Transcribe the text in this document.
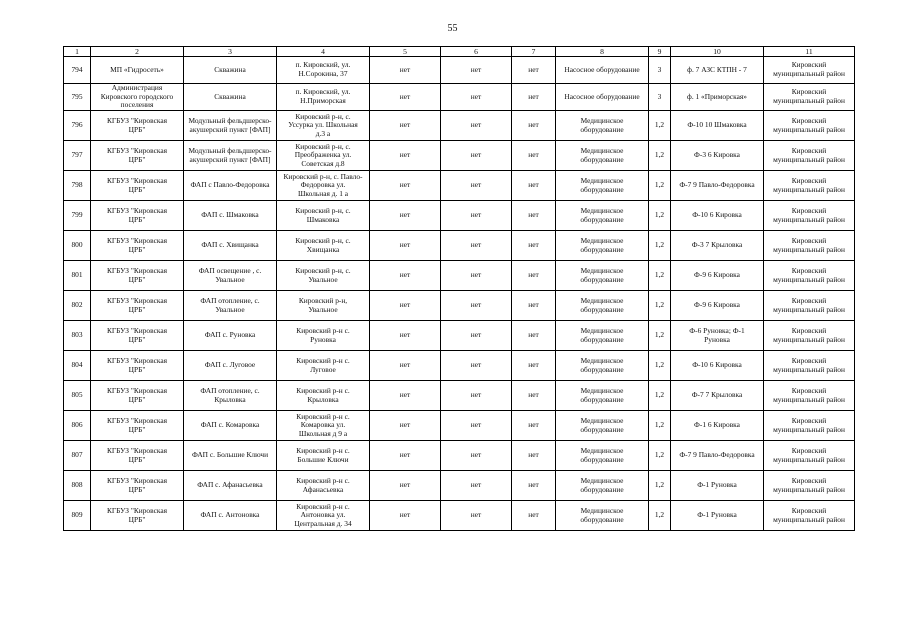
55
1	2	3	4	5	6	7	8	9	10	11
794	МП «Гидросеть»	Скважина	п. Кировский, ул.
Н.Сорокина, 37	нет	нет	нет	Насосное оборудование	3	ф. 7 АЗС КТПН - 7	Кировский
муниципальный район
795	Администрация
Кировского городского
поселения	Скважина	п. Кировский, ул.
Н.Приморская	нет	нет	нет	Насосное оборудование	3	ф. 1 «Приморская»	Кировский
муниципальный район
796	КГБУЗ "Кировская
ЦРБ"	Модульный фельдшерско-
акушерский пункт [ФАП]	Кировский р-н, с.
Уссурка ул. Школьная
д.3 а	нет	нет	нет	Медицинское
оборудование	1,2	Ф-10 10 Шмаковка	Кировский
муниципальный район
797	КГБУЗ "Кировская
ЦРБ"	Модульный фельдшерско-
акушерский пункт [ФАП]	Кировский р-н, с.
Преображенка ул.
Советская д.8	нет	нет	нет	Медицинское
оборудование	1,2	Ф-3 6 Кировка	Кировский
муниципальный район
798	КГБУЗ "Кировская
ЦРБ"	ФАП с Павло-Федоровка	Кировский р-н, с. Павло-
Федоровка ул.
Школьная д. 1 а	нет	нет	нет	Медицинское
оборудование	1,2	Ф-7 9 Павло-Федоровка	Кировский
муниципальный район
799	КГБУЗ "Кировская
ЦРБ"	ФАП с. Шмаковка	Кировский р-н, с.
Шмаковка	нет	нет	нет	Медицинское
оборудование	1,2	Ф-10 6 Кировка	Кировский
муниципальный район
800	КГБУЗ "Кировская
ЦРБ"	ФАП с. Хвищанка	Кировский р-н, с.
Хвищанка	нет	нет	нет	Медицинское
оборудование	1,2	Ф-3 7 Крыловка	Кировский
муниципальный район
801	КГБУЗ "Кировская
ЦРБ"	ФАП освещение , с.
Увальное	Кировский р-н, с.
Увальное	нет	нет	нет	Медицинское
оборудование	1,2	Ф-9 6 Кировка	Кировский
муниципальный район
802	КГБУЗ "Кировская
ЦРБ"	ФАП отопление, с.
Увальное	Кировский р-н,
Увальное	нет	нет	нет	Медицинское
оборудование	1,2	Ф-9 6 Кировка	Кировский
муниципальный район
803	КГБУЗ "Кировская
ЦРБ"	ФАП с. Руновка	Кировский р-н с.
Руновка	нет	нет	нет	Медицинское
оборудование	1,2	Ф-6 Руновка; Ф-1
Руновка	Кировский
муниципальный район
804	КГБУЗ "Кировская
ЦРБ"	ФАП с. Луговое	Кировский р-н с.
Луговое	нет	нет	нет	Медицинское
оборудование	1,2	Ф-10 6 Кировка	Кировский
муниципальный район
805	КГБУЗ "Кировская
ЦРБ"	ФАП отопление, с.
Крыловка	Кировский р-н с.
Крыловка	нет	нет	нет	Медицинское
оборудование	1,2	Ф-7 7 Крыловка	Кировский
муниципальный район
806	КГБУЗ "Кировская
ЦРБ"	ФАП с. Комаровка	Кировский р-н с.
Комаровка ул.
Школьная д 9 а	нет	нет	нет	Медицинское
оборудование	1,2	Ф-1 6 Кировка	Кировский
муниципальный район
807	КГБУЗ "Кировская
ЦРБ"	ФАП с. Большие Ключи	Кировский р-н с.
Большие Ключи	нет	нет	нет	Медицинское
оборудование	1,2	Ф-7 9 Павло-Федоровка	Кировский
муниципальный район
808	КГБУЗ "Кировская
ЦРБ"	ФАП с. Афанасьевка	Кировский р-н с.
Афанасьевка	нет	нет	нет	Медицинское
оборудование	1,2	Ф-1 Руновка	Кировский
муниципальный район
809	КГБУЗ "Кировская
ЦРБ"	ФАП с. Антоновка	Кировский р-н с.
Антоновка ул.
Центральная д. 34	нет	нет	нет	Медицинское
оборудование	1,2	Ф-1 Руновка	Кировский
муниципальный район
